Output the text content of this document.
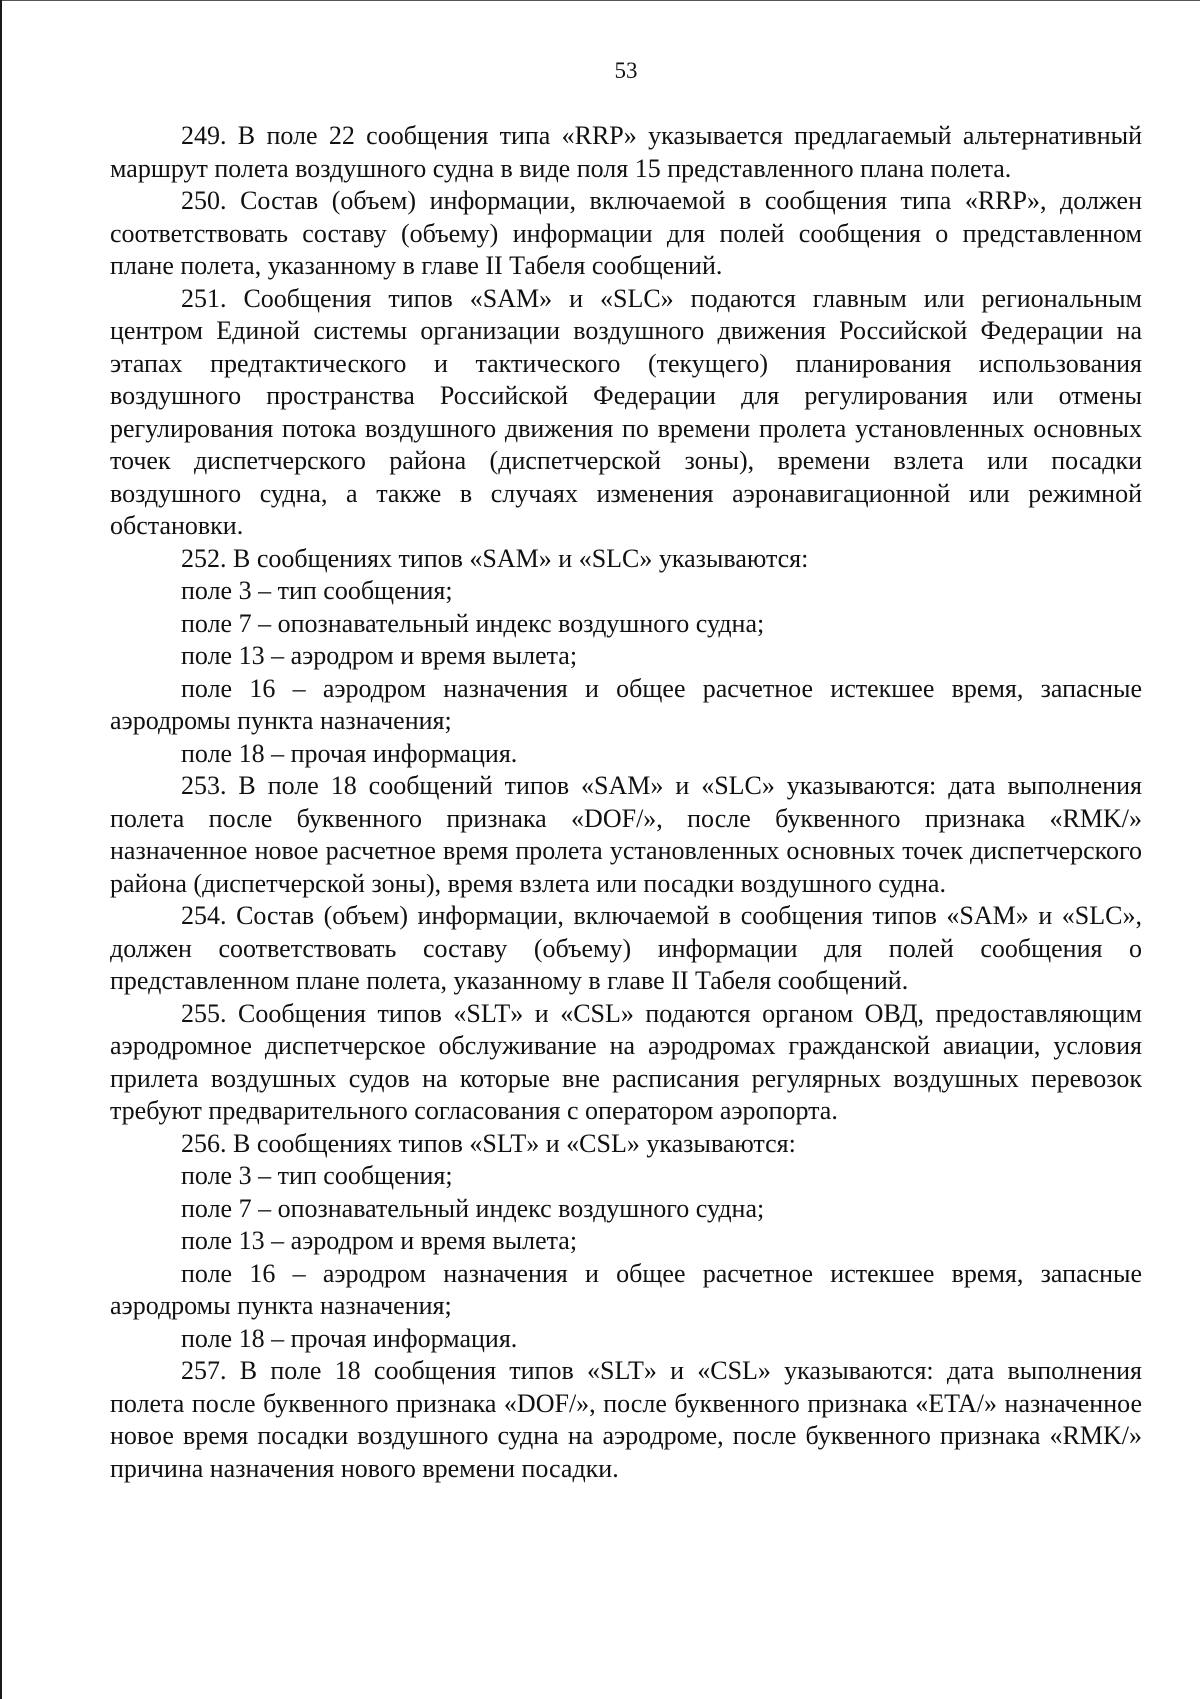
53

249. В поле 22 сообщения типа «RRP» указывается предлагаемый альтернативный маршрут полета воздушного судна в виде поля 15 представленного плана полета.

250. Состав (объем) информации, включаемой в сообщения типа «RRP», должен соответствовать составу (объему) информации для полей сообщения о представленном плане полета, указанному в главе II Табеля сообщений.

251. Сообщения типов «SAM» и «SLC» подаются главным или региональным центром Единой системы организации воздушного движения Российской Федерации на этапах предтактического и тактического (текущего) планирования использования воздушного пространства Российской Федерации для регулирования или отмены регулирования потока воздушного движения по времени пролета установленных основных точек диспетчерского района (диспетчерской зоны), времени взлета или посадки воздушного судна, а также в случаях изменения аэронавигационной или режимной обстановки.

252. В сообщениях типов «SAM» и «SLC» указываются:

поле 3 – тип сообщения;

поле 7 – опознавательный индекс воздушного судна;

поле 13 – аэродром и время вылета;

поле 16 – аэродром назначения и общее расчетное истекшее время, запасные аэродромы пункта назначения;

поле 18 – прочая информация.

253. В поле 18 сообщений типов «SAM» и «SLC» указываются: дата выполнения полета после буквенного признака «DOF/», после буквенного признака «RMK/» назначенное новое расчетное время пролета установленных основных точек диспетчерского района (диспетчерской зоны), время взлета или посадки воздушного судна.

254. Состав (объем) информации, включаемой в сообщения типов «SAM» и «SLC», должен соответствовать составу (объему) информации для полей сообщения о представленном плане полета, указанному в главе II Табеля сообщений.

255. Сообщения типов «SLT» и «CSL» подаются органом ОВД, предоставляющим аэродромное диспетчерское обслуживание на аэродромах гражданской авиации, условия прилета воздушных судов на которые вне расписания регулярных воздушных перевозок требуют предварительного согласования с оператором аэропорта.

256. В сообщениях типов «SLT» и «CSL» указываются:

поле 3 – тип сообщения;

поле 7 – опознавательный индекс воздушного судна;

поле 13 – аэродром и время вылета;

поле 16 – аэродром назначения и общее расчетное истекшее время, запасные аэродромы пункта назначения;

поле 18 – прочая информация.

257. В поле 18 сообщения типов «SLT» и «CSL» указываются: дата выполнения полета после буквенного признака «DOF/», после буквенного признака «ETA/» назначенное новое время посадки воздушного судна на аэродроме, после буквенного признака «RMK/» причина назначения нового времени посадки.
